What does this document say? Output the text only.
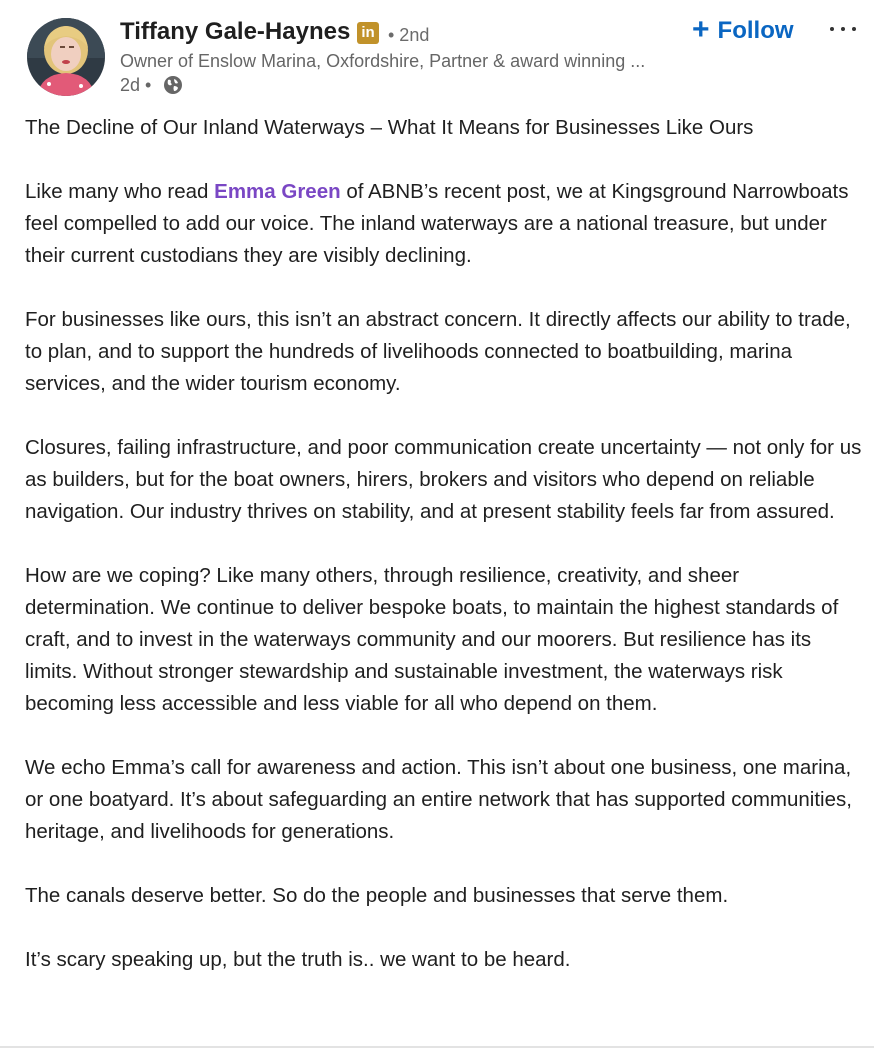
Tiffany Gale-Haynes in • 2nd
Owner of Enslow Marina, Oxfordshire, Partner & award winning ...
2d •
+ Follow

The Decline of Our Inland Waterways – What It Means for Businesses Like Ours

Like many who read Emma Green of ABNB’s recent post, we at Kingsground Narrowboats feel compelled to add our voice. The inland waterways are a national treasure, but under their current custodians they are visibly declining.

For businesses like ours, this isn’t an abstract concern. It directly affects our ability to trade, to plan, and to support the hundreds of livelihoods connected to boatbuilding, marina services, and the wider tourism economy.

Closures, failing infrastructure, and poor communication create uncertainty — not only for us as builders, but for the boat owners, hirers, brokers and visitors who depend on reliable navigation. Our industry thrives on stability, and at present stability feels far from assured.

How are we coping? Like many others, through resilience, creativity, and sheer determination. We continue to deliver bespoke boats, to maintain the highest standards of craft, and to invest in the waterways community and our moorers. But resilience has its limits. Without stronger stewardship and sustainable investment, the waterways risk becoming less accessible and less viable for all who depend on them.

We echo Emma’s call for awareness and action. This isn’t about one business, one marina, or one boatyard. It’s about safeguarding an entire network that has supported communities, heritage, and livelihoods for generations.

The canals deserve better. So do the people and businesses that serve them.

It’s scary speaking up, but the truth is.. we want to be heard.
